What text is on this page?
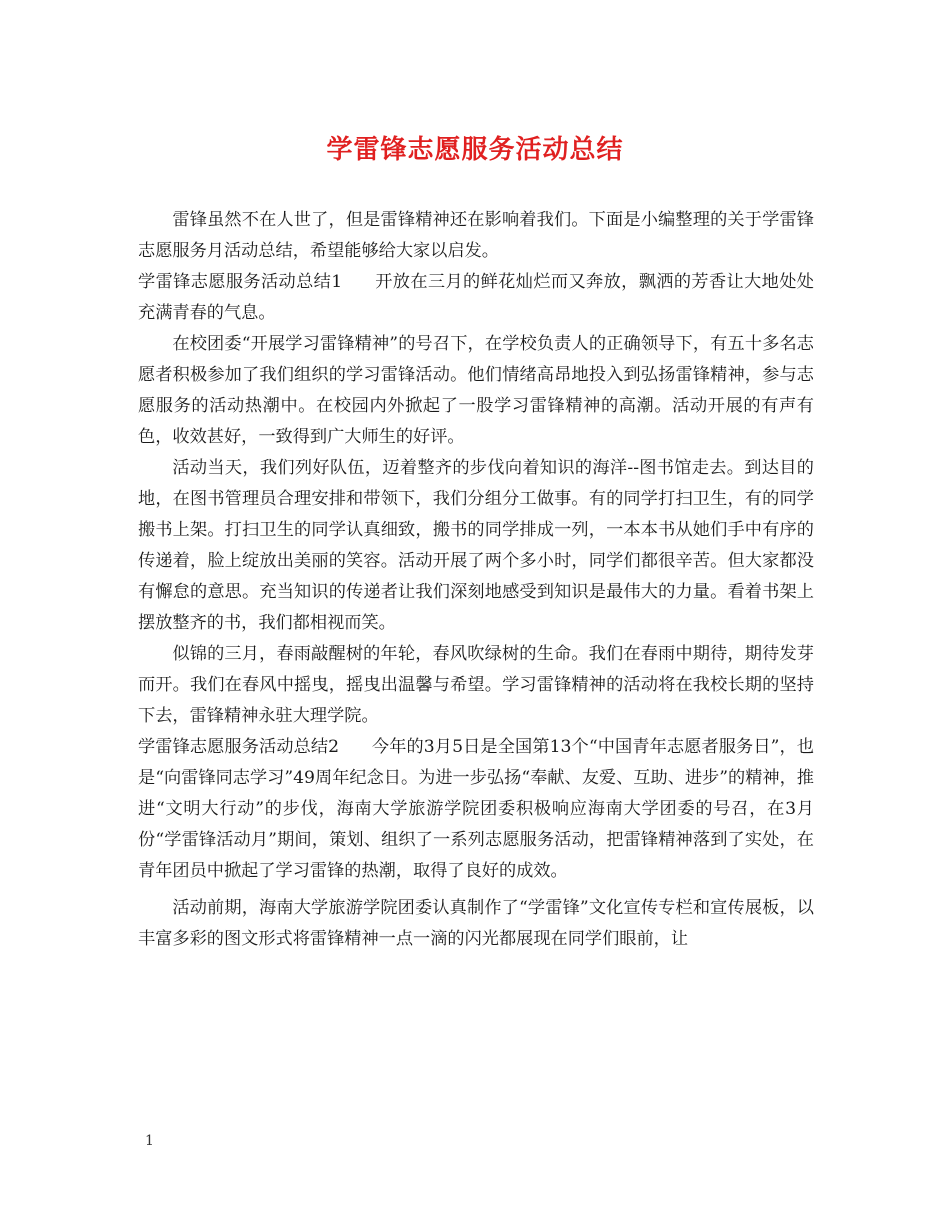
学雷锋志愿服务活动总结

雷锋虽然不在人世了，但是雷锋精神还在影响着我们。下面是小编整理的关于学雷锋志愿服务月活动总结，希望能够给大家以启发。

学雷锋志愿服务活动总结1 开放在三月的鲜花灿烂而又奔放，飘洒的芳香让大地处处充满青春的气息。

在校团委“开展学习雷锋精神”的号召下，在学校负责人的正确领导下，有五十多名志愿者积极参加了我们组织的学习雷锋活动。他们情绪高昂地投入到弘扬雷锋精神，参与志愿服务的活动热潮中。在校园内外掀起了一股学习雷锋精神的高潮。活动开展的有声有色，收效甚好，一致得到广大师生的好评。

活动当天，我们列好队伍，迈着整齐的步伐向着知识的海洋--图书馆走去。到达目的地，在图书管理员合理安排和带领下，我们分组分工做事。有的同学打扫卫生，有的同学搬书上架。打扫卫生的同学认真细致，搬书的同学排成一列，一本本书从她们手中有序的传递着，脸上绽放出美丽的笑容。活动开展了两个多小时，同学们都很辛苦。但大家都没有懈怠的意思。充当知识的传递者让我们深刻地感受到知识是最伟大的力量。看着书架上摆放整齐的书，我们都相视而笑。

似锦的三月，春雨敲醒树的年轮，春风吹绿树的生命。我们在春雨中期待，期待发芽而开。我们在春风中摇曳，摇曳出温馨与希望。学习雷锋精神的活动将在我校长期的坚持下去，雷锋精神永驻大理学院。

学雷锋志愿服务活动总结2 今年的3月5日是全国第13个“中国青年志愿者服务日”，也是“向雷锋同志学习”49周年纪念日。为进一步弘扬“奉献、友爱、互助、进步”的精神，推进“文明大行动”的步伐，海南大学旅游学院团委积极响应海南大学团委的号召，在3月份“学雷锋活动月”期间，策划、组织了一系列志愿服务活动，把雷锋精神落到了实处，在青年团员中掀起了学习雷锋的热潮，取得了良好的成效。

活动前期，海南大学旅游学院团委认真制作了“学雷锋”文化宣传专栏和宣传展板，以丰富多彩的图文形式将雷锋精神一点一滴的闪光都展现在同学们眼前，让

1
